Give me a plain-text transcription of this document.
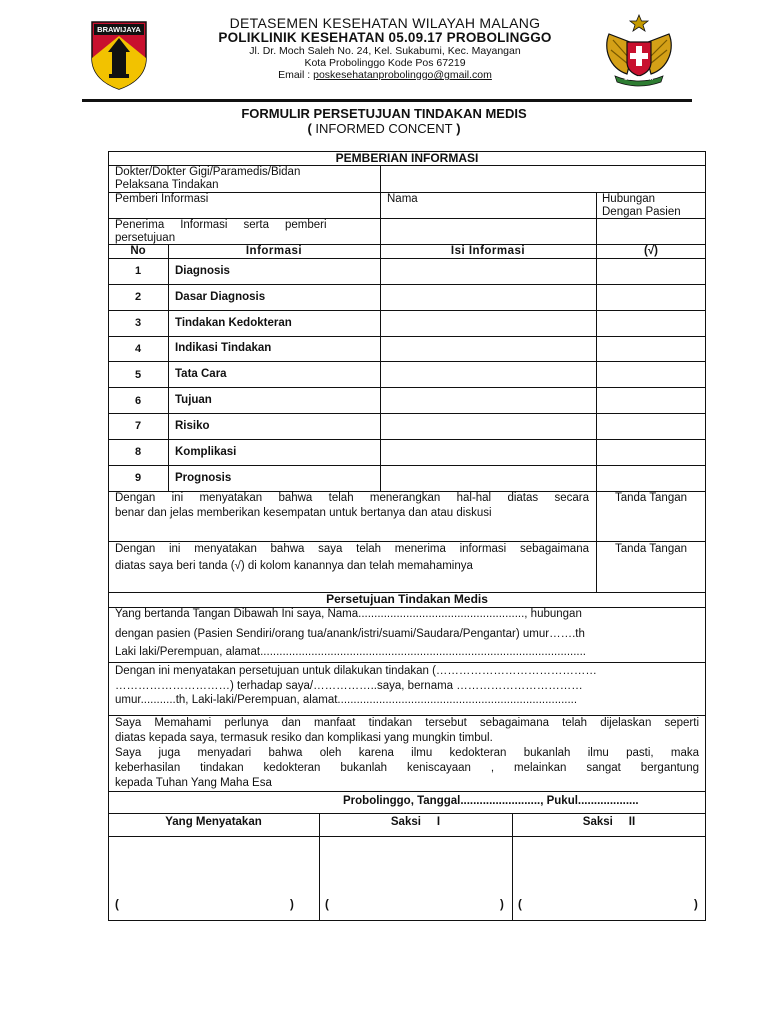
BRAWIJAYA
SIAP SEHAT
DETASEMEN KESEHATAN WILAYAH MALANG
POLIKLINIK KESEHATAN 05.09.17 PROBOLINGGO
Jl. Dr. Moch Saleh No. 24, Kel. Sukabumi, Kec. Mayangan
Kota Probolinggo Kode Pos 67219
Email : poskesehatanprobolinggo@gmail.com
FORMULIR PERSETUJUAN TINDAKAN MEDIS
( INFORMED CONCENT )
PEMBERIAN INFORMASI
Dokter/Dokter Gigi/Paramedis/Bidan
Pelaksana Tindakan
Pemberi Informasi	Nama	Hubungan
Dengan Pasien
Penerima     Informasi     serta     pemberi
persetujuan
No	Informasi	Isi Informasi	(√)
1	Diagnosis
2	Dasar Diagnosis
3	Tindakan Kedokteran
4	Indikasi Tindakan
5	Tata Cara
6	Tujuan
7	Risiko
8	Komplikasi
9	Prognosis
Dengan ini menyatakan bahwa telah menerangkan hal-hal diatas secara
benar dan jelas memberikan kesempatan untuk bertanya dan atau diskusi
Tanda Tangan
Dengan ini menyatakan bahwa saya telah menerima informasi sebagaimana
diatas saya beri tanda (√) di kolom kanannya dan telah memahaminya
Tanda Tangan
Persetujuan Tindakan Medis
Yang bertanda Tangan Dibawah Ini saya, Nama...................................................., hubungan
dengan pasien (Pasien Sendiri/orang tua/anank/istri/suami/Saudara/Pengantar) umur…….th
Laki laki/Perempuan, alamat......................................................................................................
Dengan ini menyatakan persetujuan untuk dilakukan tindakan (……………………………………
…………………………) terhadap saya/……………..saya, bernama ……………………………
umur...........th, Laki-laki/Perempuan, alamat...........................................................................
Saya Memahami perlunya dan manfaat tindakan tersebut sebagaimana telah dijelaskan seperti
diatas kepada saya, termasuk resiko dan komplikasi yang mungkin timbul.
Saya juga menyadari bahwa oleh karena ilmu kedokteran bukanlah ilmu pasti, maka
keberhasilan tindakan kedokteran bukanlah keniscayaan , melainkan sangat bergantung
kepada Tuhan Yang Maha Esa
Probolinggo, Tanggal........................., Pukul...................
Yang Menyatakan	Saksi     I	Saksi     II
(	)	(	) (	)
